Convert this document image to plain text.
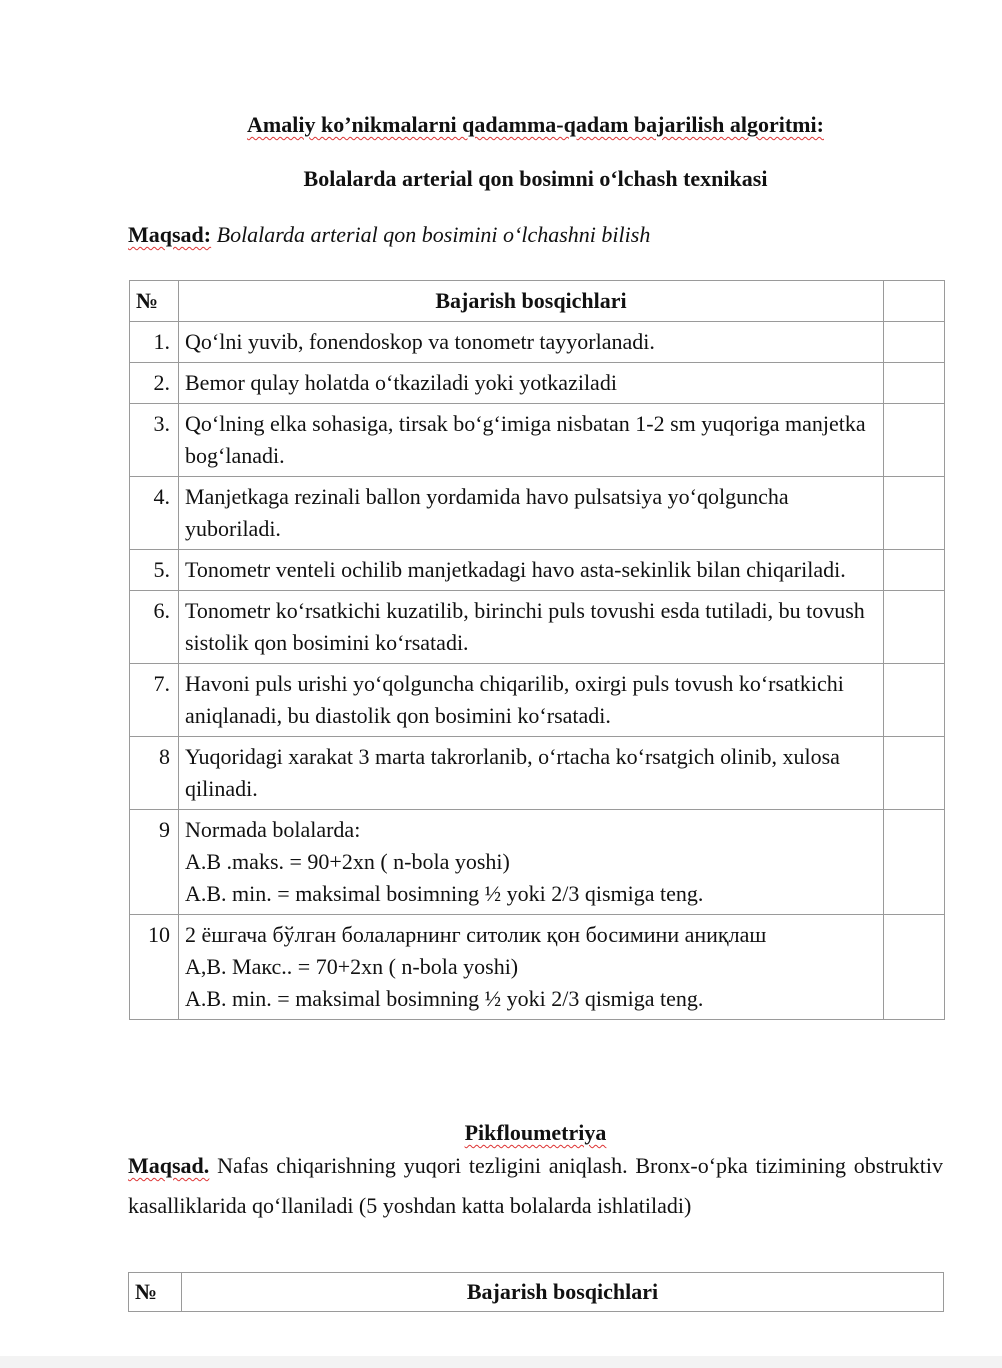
Amaliy ko’nikmalarni qadamma-qadam bajarilish algoritmi:
Bolalarda arterial qon bosimni o‘lchash texnikasi
Maqsad: Bolalarda arterial qon bosimini o‘lchashni bilish
№	Bajarish bosqichlari	
1.	Qo‘lni yuvib, fonendoskop va tonometr tayyorlanadi.	

2.	Bemor qulay holatda o‘tkaziladi yoki yotkaziladi	

3.	Qo‘lning elka sohasiga, tirsak bo‘g‘imiga nisbatan 1-2 sm yuqoriga manjetka bog‘lanadi.	

4.	Manjetkaga rezinali ballon yordamida havo pulsatsiya yo‘qolguncha yuboriladi.	

5.	Tonometr venteli ochilib manjetkadagi havo asta-sekinlik bilan chiqariladi.	

6.	Tonometr ko‘rsatkichi kuzatilib, birinchi puls tovushi esda tutiladi, bu tovush sistolik qon bosimini ko‘rsatadi.	

7.	Havoni puls urishi yo‘qolguncha chiqarilib, oxirgi puls tovush ko‘rsatkichi aniqlanadi, bu diastolik qon bosimini ko‘rsatadi.	

8	Yuqoridagi xarakat 3 marta takrorlanib, o‘rtacha ko‘rsatgich olinib, xulosa qilinadi.	

9	Normada bolalarda:
A.B .maks. = 90+2xn ( n-bola yoshi)
A.B. min. = maksimal bosimning ½ yoki 2/3 qismiga teng.	

10	2 ёшгача бўлган болаларнинг ситолик қон босимини аниқлаш
A,B. Макс.. = 70+2xn ( n-bola yoshi)
A.B. min. = maksimal bosimning ½ yoki 2/3 qismiga teng.	

Pikfloumetriya
Maqsad. Nafas chiqarishning yuqori tezligini aniqlash. Bronx-o‘pka tizimining obstruktiv kasalliklarida qo‘llaniladi (5 yoshdan katta bolalarda ishlatiladi)
№	Bajarish bosqichlari
